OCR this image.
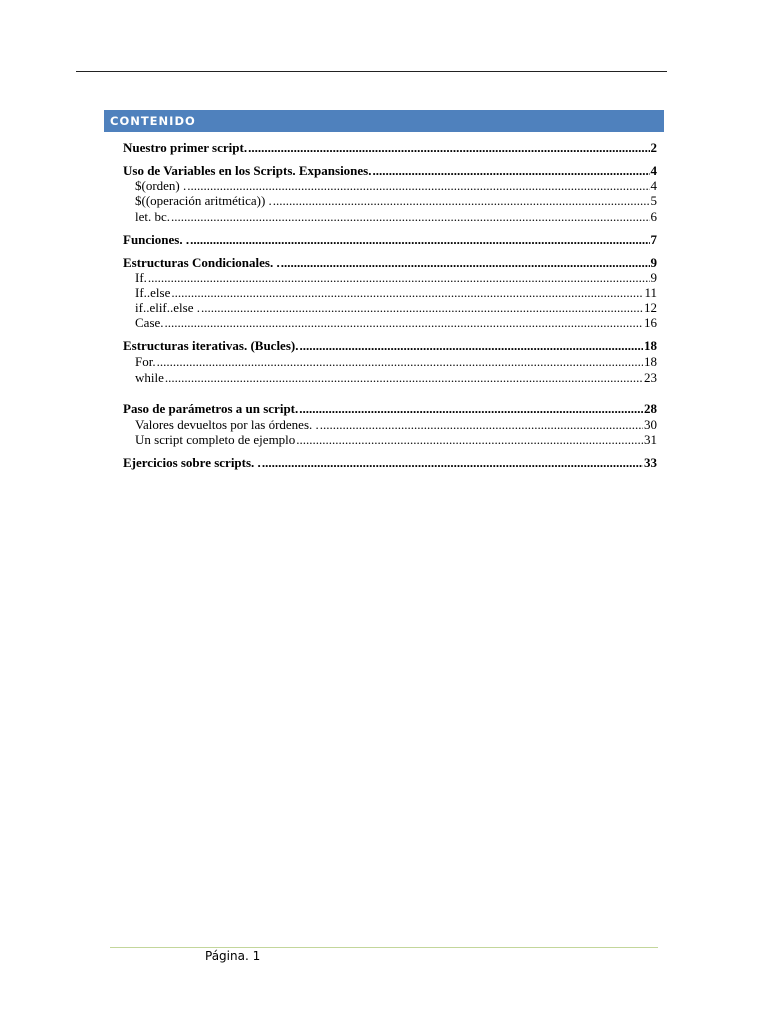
CONTENIDO
Nuestro primer script. .....	2
Uso de Variables en los Scripts. Expansiones. .....	4
$(orden) . .....	4
$((operación aritmética)) . .....	5
let. bc. .....	6
Funciones. . .....	7
Estructuras Condicionales. . .....	9
If. .....	9
If..else .....	11
if..elif..else . .....	12
Case. .....	16
Estructuras iterativas. (Bucles). .....	18
For. .....	18
while .....	23
Paso de parámetros a un script. .....	28
Valores devueltos por las órdenes. . .....	30
Un script completo de ejemplo .....	31
Ejercicios sobre scripts. . .....	33
Página. 1
